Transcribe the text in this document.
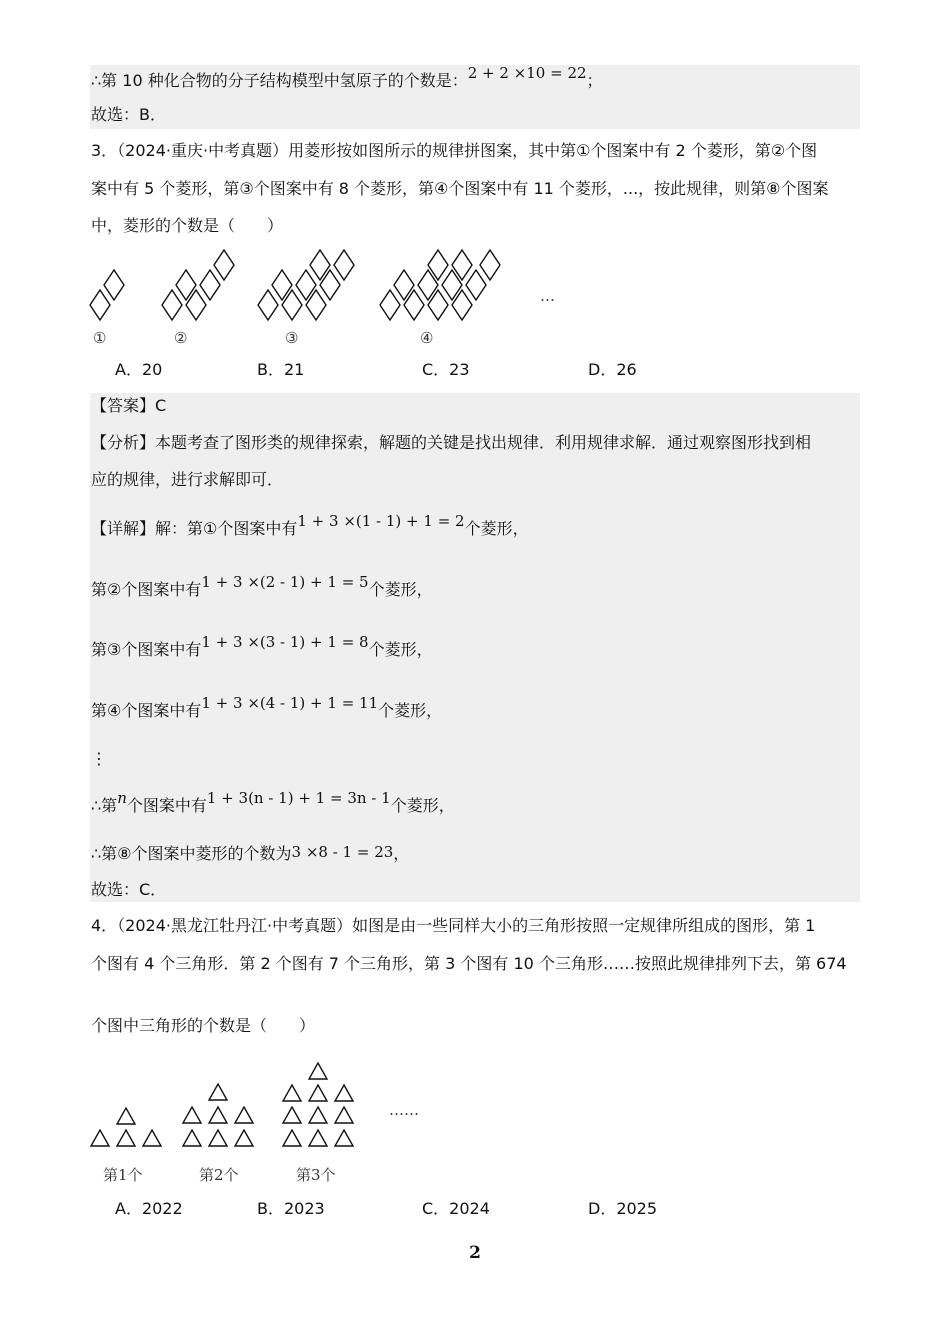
∴第 10 种化合物的分子结构模型中氢原子的个数是：2 + 2 ×10 = 22；
故选：B．
3．（2024·重庆·中考真题）用菱形按如图所示的规律拼图案，其中第①个图案中有 2 个菱形，第②个图
案中有 5 个菱形，第③个图案中有 8 个菱形，第④个图案中有 11 个菱形，...，按此规律，则第⑧个图案
中，菱形的个数是（　　）
①	②	③	④
…
A．20	B．21	C．23	D．26
【答案】C
【分析】本题考查了图形类的规律探索，解题的关键是找出规律．利用规律求解．通过观察图形找到相
应的规律，进行求解即可．
【详解】解：第①个图案中有1 + 3 ×(1 - 1) + 1 = 2个菱形，
第②个图案中有1 + 3 ×(2 - 1) + 1 = 5个菱形，
第③个图案中有1 + 3 ×(3 - 1) + 1 = 8个菱形，
第④个图案中有1 + 3 ×(4 - 1) + 1 = 11个菱形，
⋮
∴第n个图案中有1 + 3(n - 1) + 1 = 3n - 1个菱形，
∴第⑧个图案中菱形的个数为3 ×8 - 1 = 23，
故选：C．
4．（2024·黑龙江牡丹江·中考真题）如图是由一些同样大小的三角形按照一定规律所组成的图形，第 1
个图有 4 个三角形．第 2 个图有 7 个三角形，第 3 个图有 10 个三角形……按照此规律排列下去，第 674
个图中三角形的个数是（　　）
第1个	第2个	第3个
……
A．2022	B．2023	C．2024	D．2025
2
